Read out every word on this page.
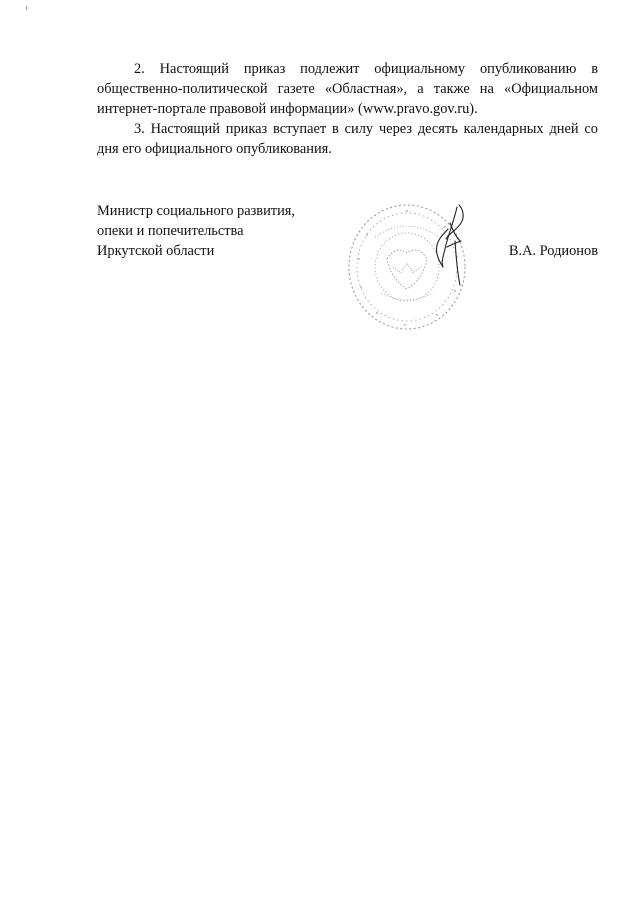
2. Настоящий приказ подлежит официальному опубликованию в общественно-политической газете «Областная», а также на «Официальном интернет-портале правовой информации» (www.pravo.gov.ru).

3. Настоящий приказ вступает в силу через десять календарных дней со дня его официального опубликования.

Министр социального развития,
опеки и попечительства
Иркутской области	В.А. Родионов
